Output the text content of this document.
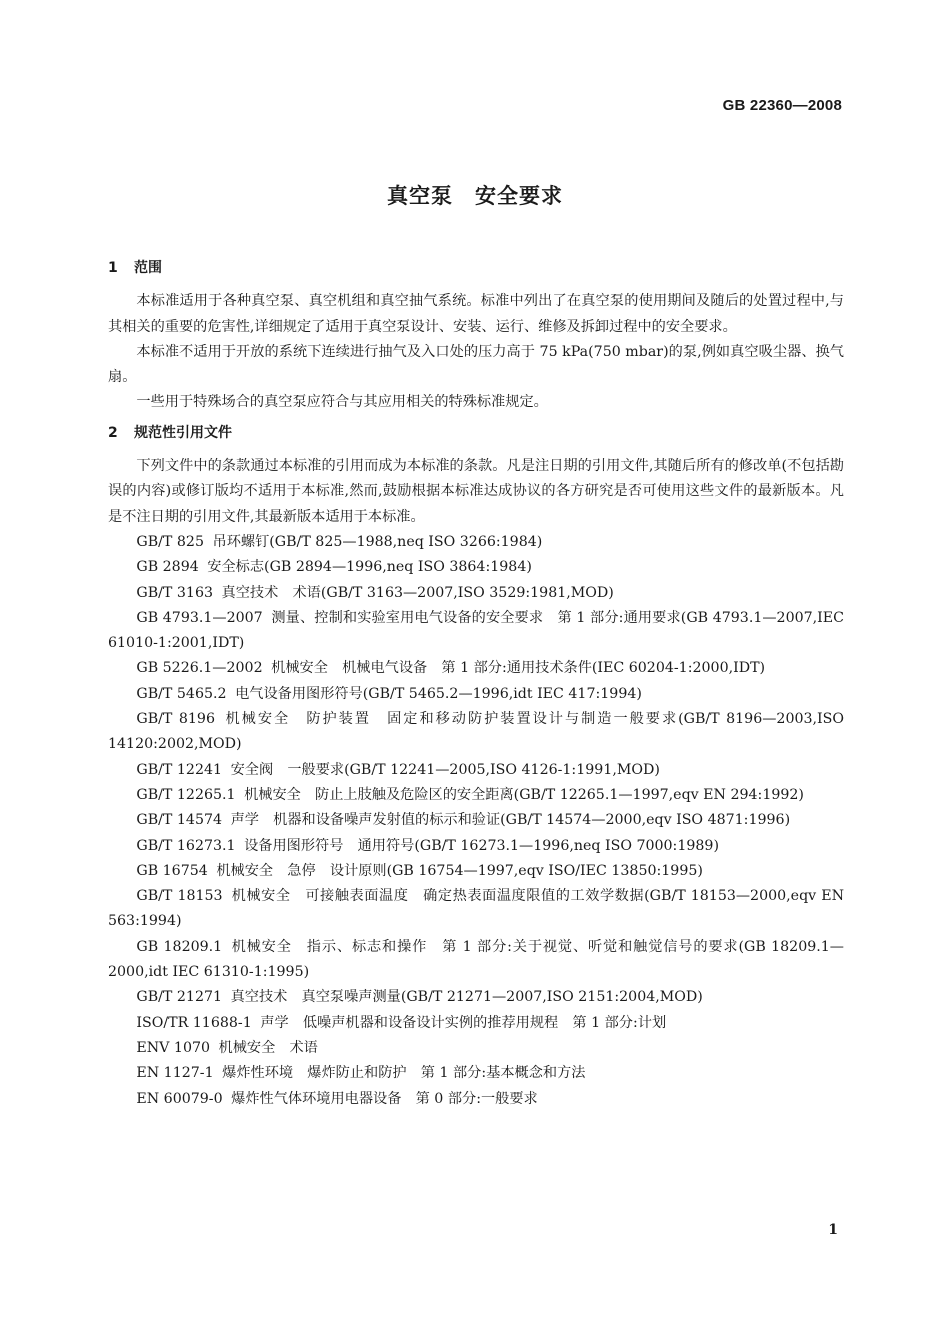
GB 22360—2008
真空泵 安全要求
1 范围

本标准适用于各种真空泵、真空机组和真空抽气系统。标准中列出了在真空泵的使用期间及随后的处置过程中,与其相关的重要的危害性,详细规定了适用于真空泵设计、安装、运行、维修及拆卸过程中的安全要求。

本标准不适用于开放的系统下连续进行抽气及入口处的压力高于 75 kPa(750 mbar)的泵,例如真空吸尘器、换气扇。

一些用于特殊场合的真空泵应符合与其应用相关的特殊标准规定。

2 规范性引用文件

下列文件中的条款通过本标准的引用而成为本标准的条款。凡是注日期的引用文件,其随后所有的修改单(不包括勘误的内容)或修订版均不适用于本标准,然而,鼓励根据本标准达成协议的各方研究是否可使用这些文件的最新版本。凡是不注日期的引用文件,其最新版本适用于本标准。

GB/T 825 吊环螺钉(GB/T 825—1988,neq ISO 3266:1984)
GB 2894 安全标志(GB 2894—1996,neq ISO 3864:1984)
GB/T 3163 真空技术　术语(GB/T 3163—2007,ISO 3529:1981,MOD)
GB 4793.1—2007 测量、控制和实验室用电气设备的安全要求　第 1 部分:通用要求(GB 4793.1—2007,IEC 61010-1:2001,IDT)
GB 5226.1—2002 机械安全　机械电气设备　第 1 部分:通用技术条件(IEC 60204-1:2000,IDT)
GB/T 5465.2 电气设备用图形符号(GB/T 5465.2—1996,idt IEC 417:1994)
GB/T 8196 机械安全　防护装置　固定和移动防护装置设计与制造一般要求(GB/T 8196—2003,ISO 14120:2002,MOD)
GB/T 12241 安全阀　一般要求(GB/T 12241—2005,ISO 4126-1:1991,MOD)
GB/T 12265.1 机械安全　防止上肢触及危险区的安全距离(GB/T 12265.1—1997,eqv EN 294:1992)
GB/T 14574 声学　机器和设备噪声发射值的标示和验证(GB/T 14574—2000,eqv ISO 4871:1996)
GB/T 16273.1 设备用图形符号　通用符号(GB/T 16273.1—1996,neq ISO 7000:1989)
GB 16754 机械安全　急停　设计原则(GB 16754—1997,eqv ISO/IEC 13850:1995)
GB/T 18153 机械安全　可接触表面温度　确定热表面温度限值的工效学数据(GB/T 18153—2000,eqv EN 563:1994)
GB 18209.1 机械安全　指示、标志和操作　第 1 部分:关于视觉、听觉和触觉信号的要求(GB 18209.1—2000,idt IEC 61310-1:1995)
GB/T 21271 真空技术　真空泵噪声测量(GB/T 21271—2007,ISO 2151:2004,MOD)
ISO/TR 11688-1 声学　低噪声机器和设备设计实例的推荐用规程　第 1 部分:计划
ENV 1070 机械安全　术语
EN 1127-1 爆炸性环境　爆炸防止和防护　第 1 部分:基本概念和方法
EN 60079-0 爆炸性气体环境用电器设备　第 0 部分:一般要求
1
